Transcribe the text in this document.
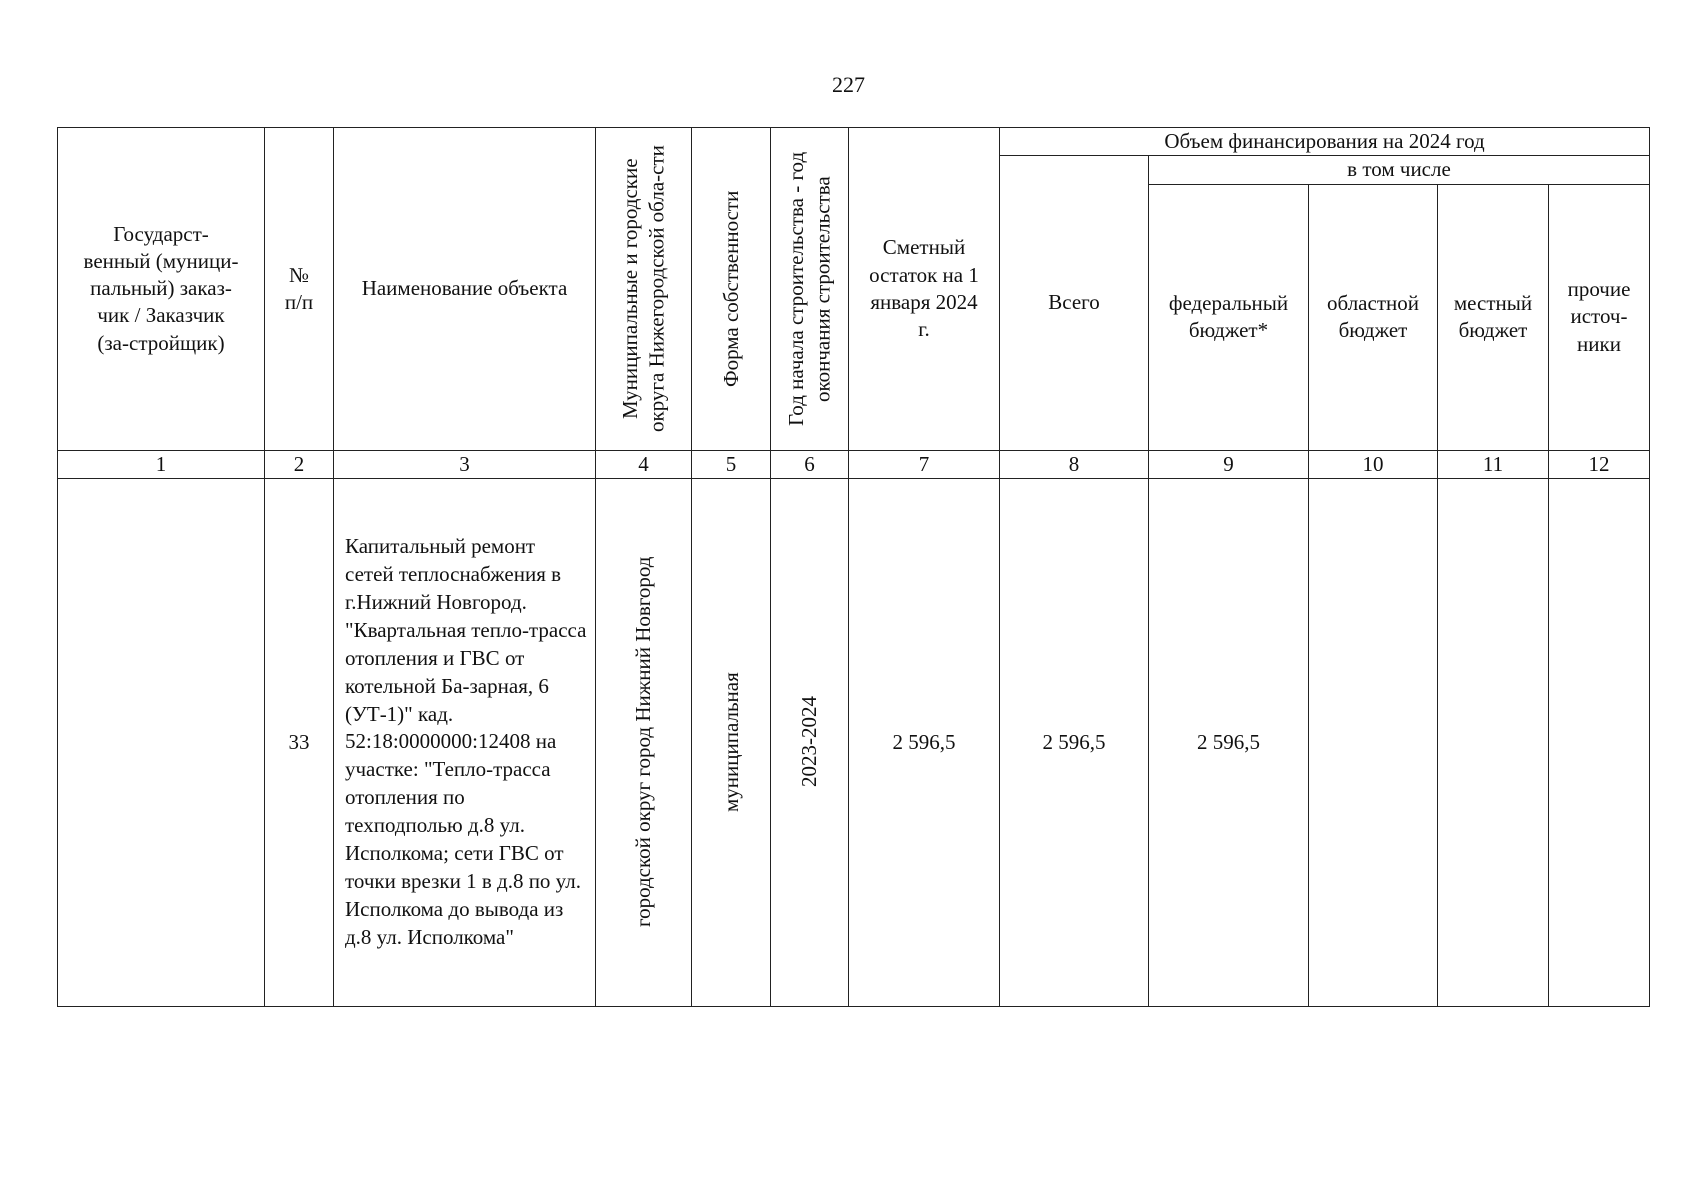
227
Государст-венный (муници-пальный) заказ-чик / Заказчик (за-стройщик)	№ п/п	Наименование объекта	Муниципальные и городские округа Нижегородской обла-сти	Форма собственности	Год начала строительства - год окончания строительства	Сметный остаток на 1 января 2024 г.	Объем финансирования на 2024 год				

							Всего	в том числе			

								федеральный бюджет*	областной бюджет	местный бюджет	прочие источ-ники

1	2	3	4	5	6	7	8	9	10	11	12
	33	Капитальный ремонт сетей теплоснабжения в г.Нижний Новгород. "Квартальная тепло-трасса отопления и ГВС от котельной Ба-зарная, 6 (УТ-1)" кад. 52:18:0000000:12408 на участке: "Тепло-трасса отопления по техподполью д.8 ул. Исполкома; сети ГВС от точки врезки 1 в д.8 по ул. Исполкома до вывода из д.8 ул. Исполкома"	городской округ город Нижний Новгород	муниципальная	2023-2024	2 596,5	2 596,5	2 596,5			
